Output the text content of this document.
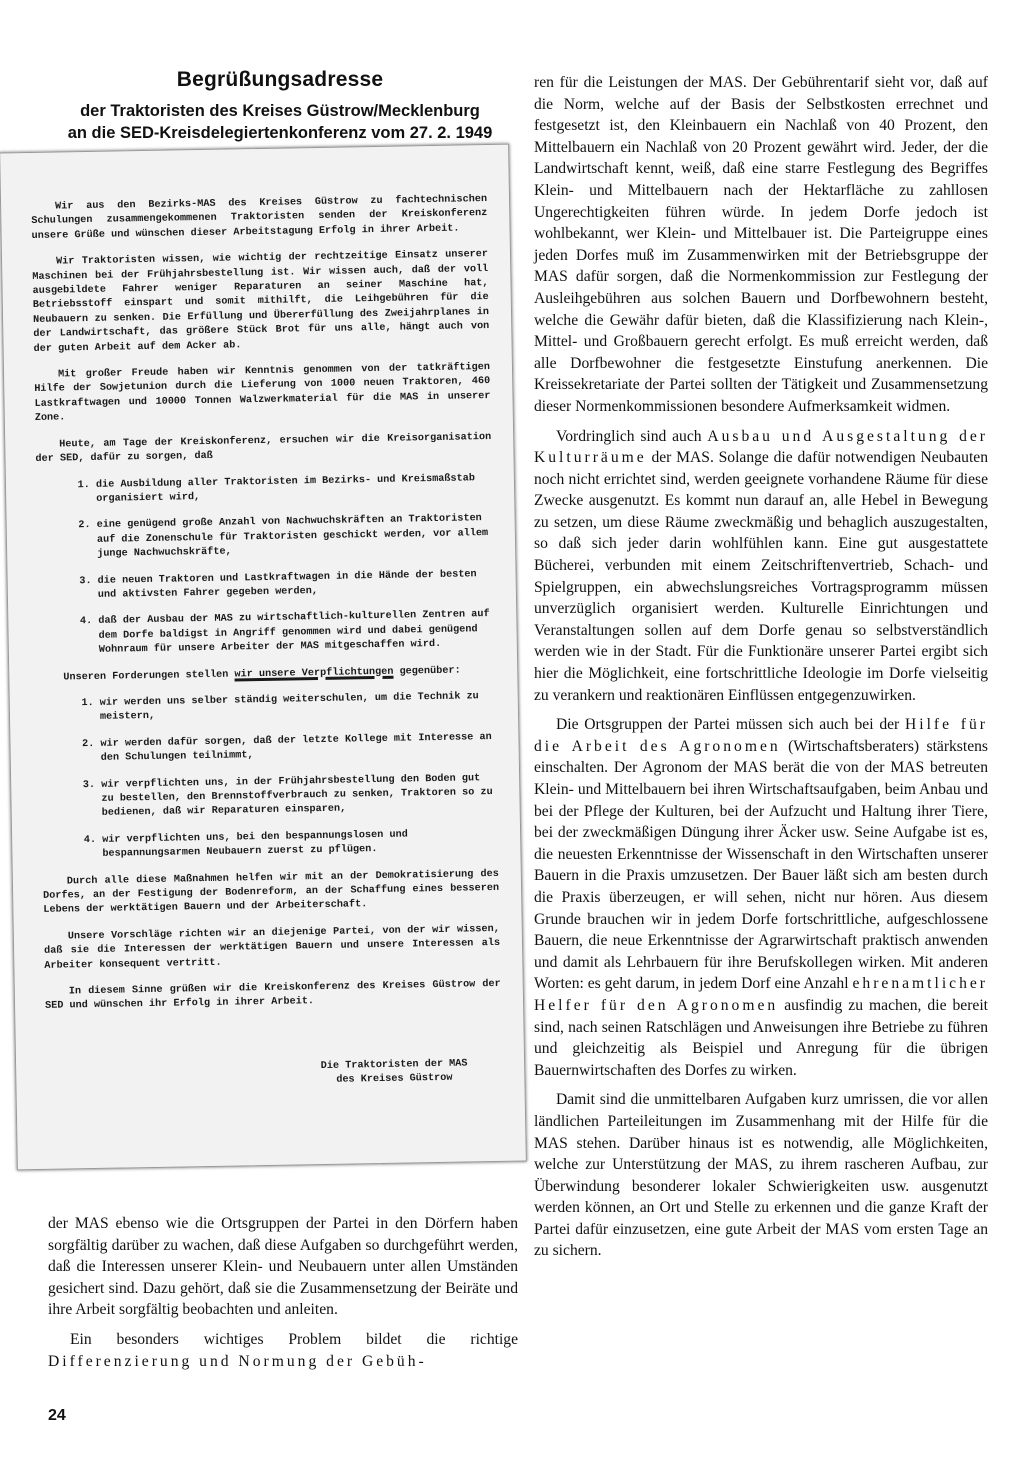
Begrüßungsadresse

der Traktoristen des Kreises Güstrow/Mecklenburg

an die SED-Kreisdelegiertenkonferenz vom 27. 2. 1949

Wir aus den Bezirks-MAS des Kreises Güstrow zu fachtechnischen Schulungen zusammengekommenen Traktoristen senden der Kreiskonferenz unsere Grüße und wünschen dieser Arbeitstagung Erfolg in ihrer Arbeit.

Wir Traktoristen wissen, wie wichtig der rechtzeitige Einsatz unserer Maschinen bei der Frühjahrsbestellung ist. Wir wissen auch, daß der voll ausgebildete Fahrer weniger Reparaturen an seiner Maschine hat, Betriebsstoff einspart und somit mithilft, die Leihgebühren für die Neubauern zu senken. Die Erfüllung und Übererfüllung des Zweijahrplanes in der Landwirtschaft, das größere Stück Brot für uns alle, hängt auch von der guten Arbeit auf dem Acker ab.

Mit großer Freude haben wir Kenntnis genommen von der tatkräftigen Hilfe der Sowjetunion durch die Lieferung von 1000 neuen Traktoren, 460 Lastkraftwagen und 10000 Tonnen Walzwerkmaterial für die MAS in unserer Zone.

Heute, am Tage der Kreiskonferenz, ersuchen wir die Kreisorganisation der SED, dafür zu sorgen, daß

1. die Ausbildung aller Traktoristen im Bezirks- und Kreismaßstab organisiert wird,
2. eine genügend große Anzahl von Nachwuchskräften an Traktoristen auf die Zonenschule für Traktoristen geschickt werden, vor allem junge Nachwuchskräfte,
3. die neuen Traktoren und Lastkraftwagen in die Hände der besten und aktivsten Fahrer gegeben werden,
4. daß der Ausbau der MAS zu wirtschaftlich-kulturellen Zentren auf dem Dorfe baldigst in Angriff genommen wird und dabei genügend Wohnraum für unsere Arbeiter der MAS mitgeschaffen wird.

Unseren Forderungen stellen wir unsere Verpflichtungen gegenüber:

1. wir werden uns selber ständig weiterschulen, um die Technik zu meistern,
2. wir werden dafür sorgen, daß der letzte Kollege mit Interesse an den Schulungen teilnimmt,
3. wir verpflichten uns, in der Frühjahrsbestellung den Boden gut zu bestellen, den Brennstoffverbrauch zu senken, Traktoren so zu bedienen, daß wir Reparaturen einsparen,
4. wir verpflichten uns, bei den bespannungslosen und bespannungsarmen Neubauern zuerst zu pflügen.

Durch alle diese Maßnahmen helfen wir mit an der Demokratisierung des Dorfes, an der Festigung der Bodenreform, an der Schaffung eines besseren Lebens der werktätigen Bauern und der Arbeiterschaft.

Unsere Vorschläge richten wir an diejenige Partei, von der wir wissen, daß sie die Interessen der werktätigen Bauern und unsere Interessen als Arbeiter konsequent vertritt.

In diesem Sinne grüßen wir die Kreiskonferenz des Kreises Güstrow der SED und wünschen ihr Erfolg in ihrer Arbeit.

Die Traktoristen der MAS
des Kreises Güstrow

ren für die Leistungen der MAS. Der Gebührentarif sieht vor, daß auf die Norm, welche auf der Basis der Selbstkosten errechnet und festgesetzt ist, den Kleinbauern ein Nachlaß von 40 Prozent, den Mittelbauern ein Nachlaß von 20 Prozent gewährt wird. Jeder, der die Landwirtschaft kennt, weiß, daß eine starre Festlegung des Begriffes Klein- und Mittelbauern nach der Hektarfläche zu zahllosen Ungerechtigkeiten führen würde. In jedem Dorfe jedoch ist wohlbekannt, wer Klein- und Mittelbauer ist. Die Parteigruppe eines jeden Dorfes muß im Zusammenwirken mit der Betriebsgruppe der MAS dafür sorgen, daß die Normenkommission zur Festlegung der Ausleihgebühren aus solchen Bauern und Dorfbewohnern besteht, welche die Gewähr dafür bieten, daß die Klassifizierung nach Klein-, Mittel- und Großbauern gerecht erfolgt. Es muß erreicht werden, daß alle Dorfbewohner die festgesetzte Einstufung anerkennen. Die Kreissekretariate der Partei sollten der Tätigkeit und Zusammensetzung dieser Normenkommissionen besondere Aufmerksamkeit widmen.

Vordringlich sind auch Ausbau und Ausgestaltung der Kulturräume der MAS. Solange die dafür notwendigen Neubauten noch nicht errichtet sind, werden geeignete vorhandene Räume für diese Zwecke ausgenutzt. Es kommt nun darauf an, alle Hebel in Bewegung zu setzen, um diese Räume zweckmäßig und behaglich auszugestalten, so daß sich jeder darin wohlfühlen kann. Eine gut ausgestattete Bücherei, verbunden mit einem Zeitschriftenvertrieb, Schach- und Spielgruppen, ein abwechslungsreiches Vortragsprogramm müssen unverzüglich organisiert werden. Kulturelle Einrichtungen und Veranstaltungen sollen auf dem Dorfe genau so selbstverständlich werden wie in der Stadt. Für die Funktionäre unserer Partei ergibt sich hier die Möglichkeit, eine fortschrittliche Ideologie im Dorfe vielseitig zu verankern und reaktionären Einflüssen entgegenzuwirken.

Die Ortsgruppen der Partei müssen sich auch bei der Hilfe für die Arbeit des Agronomen (Wirtschaftsberaters) stärkstens einschalten. Der Agronom der MAS berät die von der MAS betreuten Klein- und Mittelbauern bei ihren Wirtschaftsaufgaben, beim Anbau und bei der Pflege der Kulturen, bei der Aufzucht und Haltung ihrer Tiere, bei der zweckmäßigen Düngung ihrer Äcker usw. Seine Aufgabe ist es, die neuesten Erkenntnisse der Wissenschaft in den Wirtschaften unserer Bauern in die Praxis umzusetzen. Der Bauer läßt sich am besten durch die Praxis überzeugen, er will sehen, nicht nur hören. Aus diesem Grunde brauchen wir in jedem Dorfe fortschrittliche, aufgeschlossene Bauern, die neue Erkenntnisse der Agrarwirtschaft praktisch anwenden und damit als Lehrbauern für ihre Berufskollegen wirken. Mit anderen Worten: es geht darum, in jedem Dorf eine Anzahl ehrenamtlicher Helfer für den Agronomen ausfindig zu machen, die bereit sind, nach seinen Ratschlägen und Anweisungen ihre Betriebe zu führen und gleichzeitig als Beispiel und Anregung für die übrigen Bauernwirtschaften des Dorfes zu wirken.

Damit sind die unmittelbaren Aufgaben kurz umrissen, die vor allen ländlichen Parteileitungen im Zusammenhang mit der Hilfe für die MAS stehen. Darüber hinaus ist es notwendig, alle Möglichkeiten, welche zur Unterstützung der MAS, zu ihrem rascheren Aufbau, zur Überwindung besonderer lokaler Schwierigkeiten usw. ausgenutzt werden können, an Ort und Stelle zu erkennen und die ganze Kraft der Partei dafür einzusetzen, eine gute Arbeit der MAS vom ersten Tage an zu sichern.

der MAS ebenso wie die Ortsgruppen der Partei in den Dörfern haben sorgfältig darüber zu wachen, daß diese Aufgaben so durchgeführt werden, daß die Interessen unserer Klein- und Neubauern unter allen Umständen gesichert sind. Dazu gehört, daß sie die Zusammensetzung der Beiräte und ihre Arbeit sorgfältig beobachten und anleiten.

Ein besonders wichtiges Problem bildet die richtige Differenzierung und Normung der Gebüh-

24
